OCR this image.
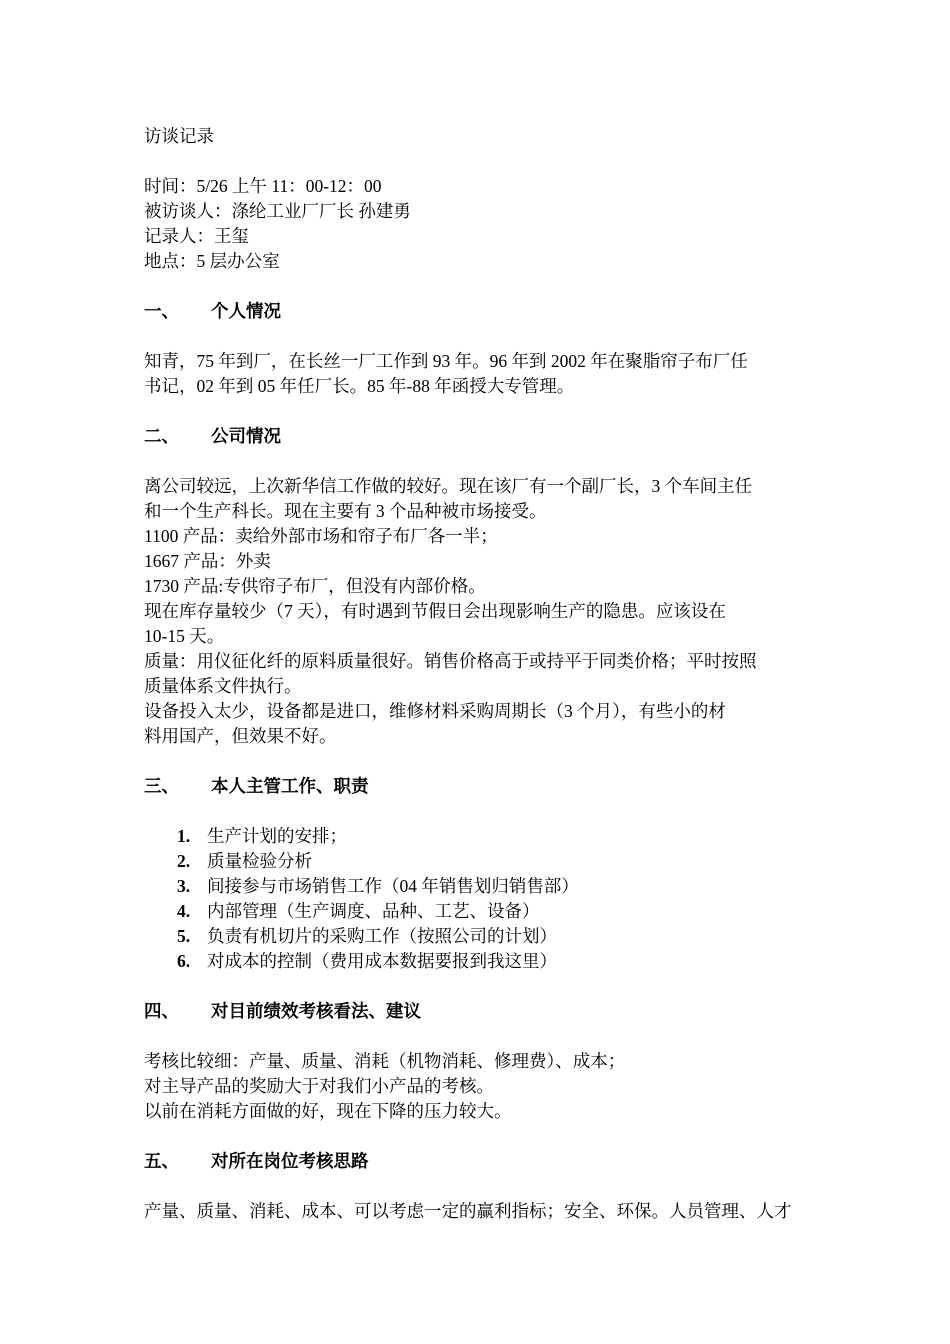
访谈记录

时间：5/26 上午 11：00-12：00

被访谈人：涤纶工业厂厂长 孙建勇

记录人：王玺

地点：5 层办公室

一、	个人情况

知青，75 年到厂，在长丝一厂工作到 93 年。96 年到 2002 年在聚脂帘子布厂任

书记，02 年到 05 年任厂长。85 年-88 年函授大专管理。

二、	公司情况

离公司较远，上次新华信工作做的较好。现在该厂有一个副厂长，3 个车间主任

和一个生产科长。现在主要有 3 个品种被市场接受。

1100 产品：卖给外部市场和帘子布厂各一半；

1667 产品：外卖

1730 产品:专供帘子布厂，但没有内部价格。

现在库存量较少（7 天），有时遇到节假日会出现影响生产的隐患。应该设在

10-15 天。

质量：用仪征化纤的原料质量很好。销售价格高于或持平于同类价格；平时按照

质量体系文件执行。

设备投入太少，设备都是进口，维修材料采购周期长（3 个月），有些小的材

料用国产，但效果不好。

三、	本人主管工作、职责
1. 生产计划的安排；
2. 质量检验分析
3. 间接参与市场销售工作（04 年销售划归销售部）
4. 内部管理（生产调度、品种、工艺、设备）
5. 负责有机切片的采购工作（按照公司的计划）
6. 对成本的控制（费用成本数据要报到我这里）
四、	对目前绩效考核看法、建议

考核比较细：产量、质量、消耗（机物消耗、修理费）、成本；

对主导产品的奖励大于对我们小产品的考核。

以前在消耗方面做的好，现在下降的压力较大。

五、	对所在岗位考核思路

产量、质量、消耗、成本、可以考虑一定的赢利指标；安全、环保。人员管理、人才
